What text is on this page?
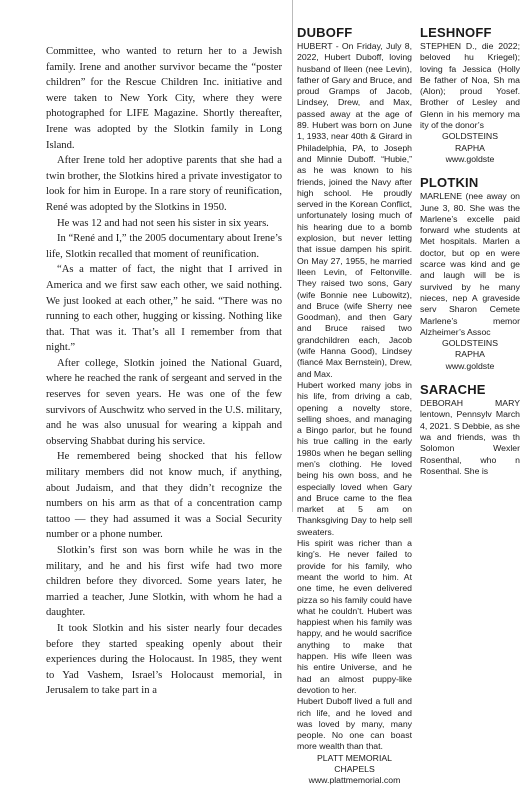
Committee, who wanted to return her to a Jewish family. Irene and another survivor became the “poster children” for the Rescue Children Inc. initiative and were taken to New York City, where they were photographed for LIFE Magazine. Shortly thereafter, Irene was adopted by the Slotkin family in Long Island.

After Irene told her adoptive parents that she had a twin brother, the Slotkins hired a private investigator to look for him in Europe. In a rare story of reunification, René was adopted by the Slotkins in 1950.

He was 12 and had not seen his sister in six years.

In “René and I,” the 2005 documentary about Irene’s life, Slotkin recalled that moment of reunification.

“As a matter of fact, the night that I arrived in America and we first saw each other, we said nothing. We just looked at each other,” he said. “There was no running to each other, hugging or kissing. Nothing like that. That was it. That’s all I remember from that night.”

After college, Slotkin joined the National Guard, where he reached the rank of sergeant and served in the reserves for seven years. He was one of the few survivors of Auschwitz who served in the U.S. military, and he was also unusual for wearing a kippah and observing Shabbat during his service.

He remembered being shocked that his fellow military members did not know much, if anything, about Judaism, and that they didn’t recognize the numbers on his arm as that of a concentration camp tattoo — they had assumed it was a Social Security number or a phone number.

Slotkin’s first son was born while he was in the military, and he and his first wife had two more children before they divorced. Some years later, he married a teacher, June Slotkin, with whom he had a daughter.

It took Slotkin and his sister nearly four decades before they started speaking openly about their experiences during the Holocaust. In 1985, they went to Yad Vashem, Israel’s Holocaust memorial, in Jerusalem to take part in a

DUBOFF
HUBERT - On Friday, July 8, 2022, Hubert Duboff, loving husband of Ileen (nee Levin), father of Gary and Bruce, and proud Gramps of Jacob, Lindsey, Drew, and Max, passed away at the age of 89. Hubert was born on June 1, 1933, near 40th & Girard in Philadelphia, PA, to Joseph and Minnie Duboff. “Hubie,” as he was known to his friends, joined the Navy after high school. He proudly served in the Korean Conflict, unfortunately losing much of his hearing due to a bomb explosion, but never letting that issue dampen his spirit. On May 27, 1955, he married Ileen Levin, of Feltonville. They raised two sons, Gary (wife Bonnie nee Lubowitz), and Bruce (wife Sherry nee Goodman), and then Gary and Bruce raised two grandchildren each, Jacob (wife Hanna Good), Lindsey (fiancé Max Bernstein), Drew, and Max.
Hubert worked many jobs in his life, from driving a cab, opening a novelty store, selling shoes, and managing a Bingo parlor, but he found his true calling in the early 1980s when he began selling men’s clothing. He loved being his own boss, and he especially loved when Gary and Bruce came to the flea market at 5 am on Thanksgiving Day to help sell sweaters.
His spirit was richer than a king’s. He never failed to provide for his family, who meant the world to him. At one time, he even delivered pizza so his family could have what he couldn’t. Hubert was happiest when his family was happy, and he would sacrifice anything to make that happen. His wife Ileen was his entire Universe, and he had an almost puppy-like devotion to her.
Hubert Duboff lived a full and rich life, and he loved and was loved by many, many people. No one can boast more wealth than that.
PLATT MEMORIAL CHAPELS
www.plattmemorial.com
LESHNOFF
STEPHEN D., die 2022; beloved hu Kriegel); loving fa Jessica (Holly Be father of Noa, Sh ma (Alon); proud Yosef. Brother of Lesley and Glenn in his memory ma ity of the donor’s
GOLDSTEINS
RAPHA
www.goldste
PLOTKIN
MARLENE (nee away on June 3, 80. She was the Marlene’s excelle paid forward whe students at Met hospitals. Marlen a doctor, but op en were scarce was kind and ge and laugh will be is survived by he many nieces, nep A graveside serv Sharon Cemete Marlene’s memor Alzheimer’s Assoc
GOLDSTEINS
RAPHA
www.goldste
SARACHE
DEBORAH MARY lentown, Pennsylv March 4, 2021. S Debbie, as she wa and friends, was th Solomon Wexler Rosenthal, who n Rosenthal. She is
